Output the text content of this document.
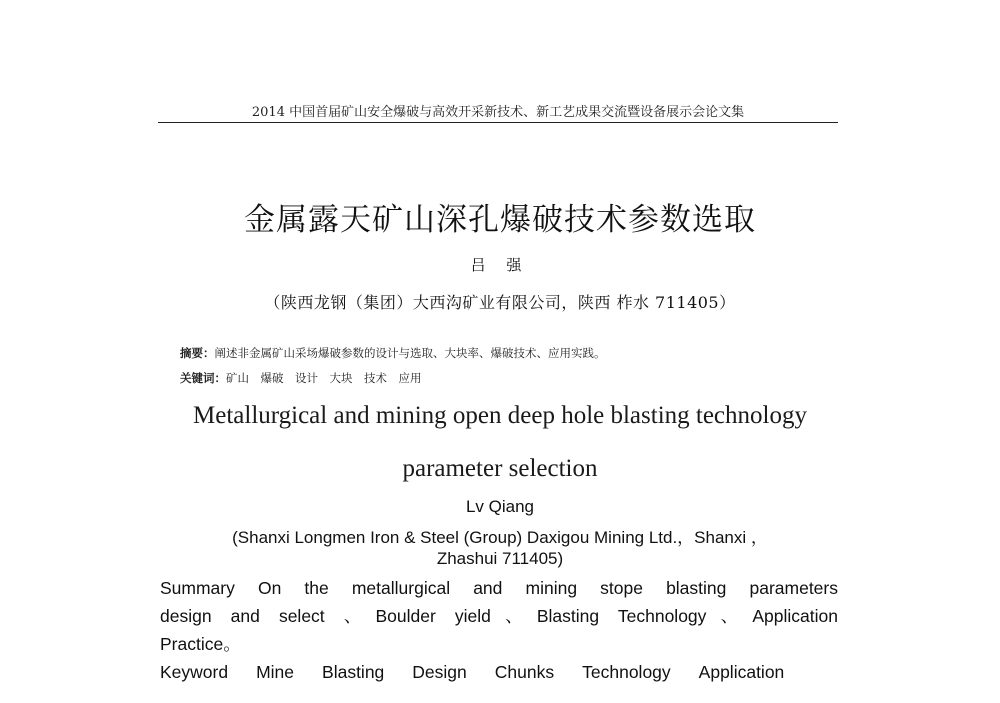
2014 中国首届矿山安全爆破与高效开采新技术、新工艺成果交流暨设备展示会论文集
金属露天矿山深孔爆破技术参数选取
吕 强
（陕西龙钢（集团）大西沟矿业有限公司，陕西 柞水 711405）
摘要：阐述非金属矿山采场爆破参数的设计与选取、大块率、爆破技术、应用实践。
关键词：矿山　爆破　设计　大块　技术　应用
Metallurgical and mining open deep hole blasting technology
parameter selection
Lv Qiang
(Shanxi Longmen Iron & Steel (Group) Daxigou Mining Ltd.，Shanxi ，
Zhashui 711405)
Summary On the metallurgical and mining stope blasting parameters
design and select 、Boulder yield、Blasting Technology、Application
Practice。
Keyword Mine Blasting Design Chunks Technology Application
